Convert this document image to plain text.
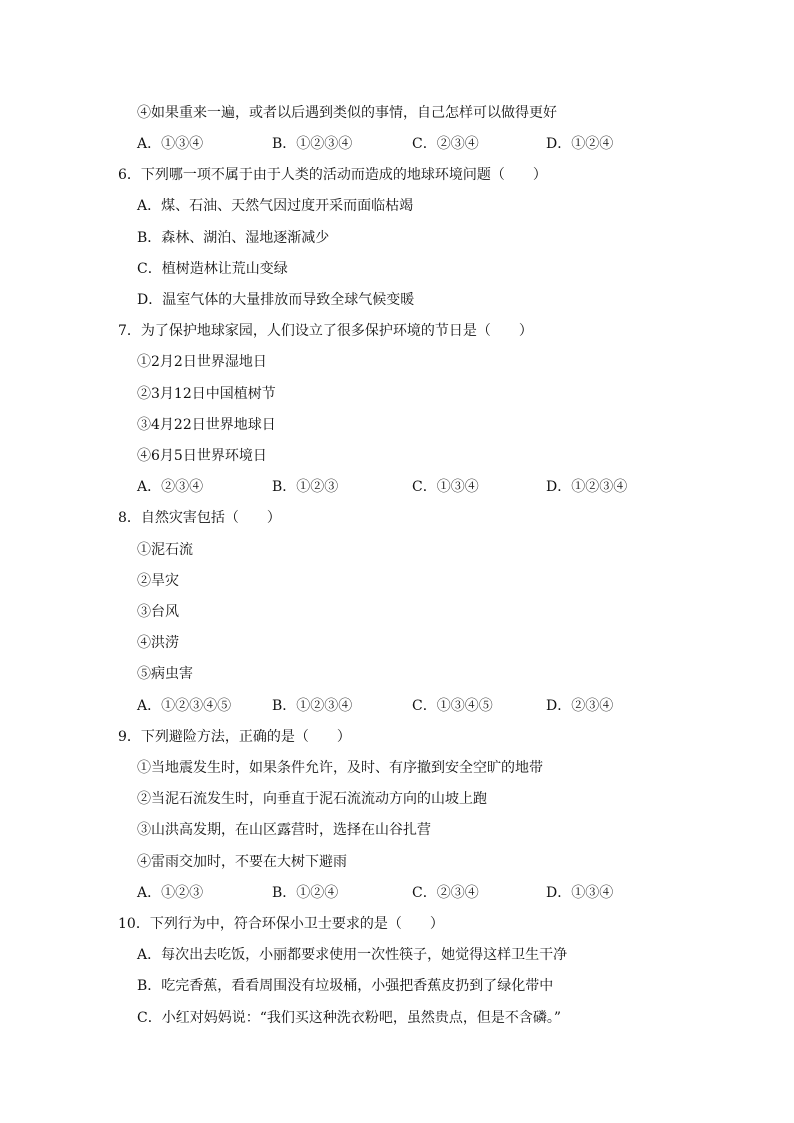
④如果重来一遍，或者以后遇到类似的事情，自己怎样可以做得更好
A．①③④	B．①②③④	C．②③④	D．①②④
6．下列哪一项不属于由于人类的活动而造成的地球环境问题（　　）
A．煤、石油、天然气因过度开采而面临枯竭
B．森林、湖泊、湿地逐渐减少
C．植树造林让荒山变绿
D．温室气体的大量排放而导致全球气候变暖
7．为了保护地球家园，人们设立了很多保护环境的节日是（　　）
①2月2日世界湿地日
②3月12日中国植树节
③4月22日世界地球日
④6月5日世界环境日
A．②③④	B．①②③	C．①③④	D．①②③④
8．自然灾害包括（　　）
①泥石流
②旱灾
③台风
④洪涝
⑤病虫害
A．①②③④⑤	B．①②③④	C．①③④⑤	D．②③④
9．下列避险方法，正确的是（　　）
①当地震发生时，如果条件允许，及时、有序撤到安全空旷的地带
②当泥石流发生时，向垂直于泥石流流动方向的山坡上跑
③山洪高发期，在山区露营时，选择在山谷扎营
④雷雨交加时，不要在大树下避雨
A．①②③	B．①②④	C．②③④	D．①③④
10．下列行为中，符合环保小卫士要求的是（　　）
A．每次出去吃饭，小丽都要求使用一次性筷子，她觉得这样卫生干净
B．吃完香蕉，看看周围没有垃圾桶，小强把香蕉皮扔到了绿化带中
C．小红对妈妈说：“我们买这种洗衣粉吧，虽然贵点，但是不含磷。”
